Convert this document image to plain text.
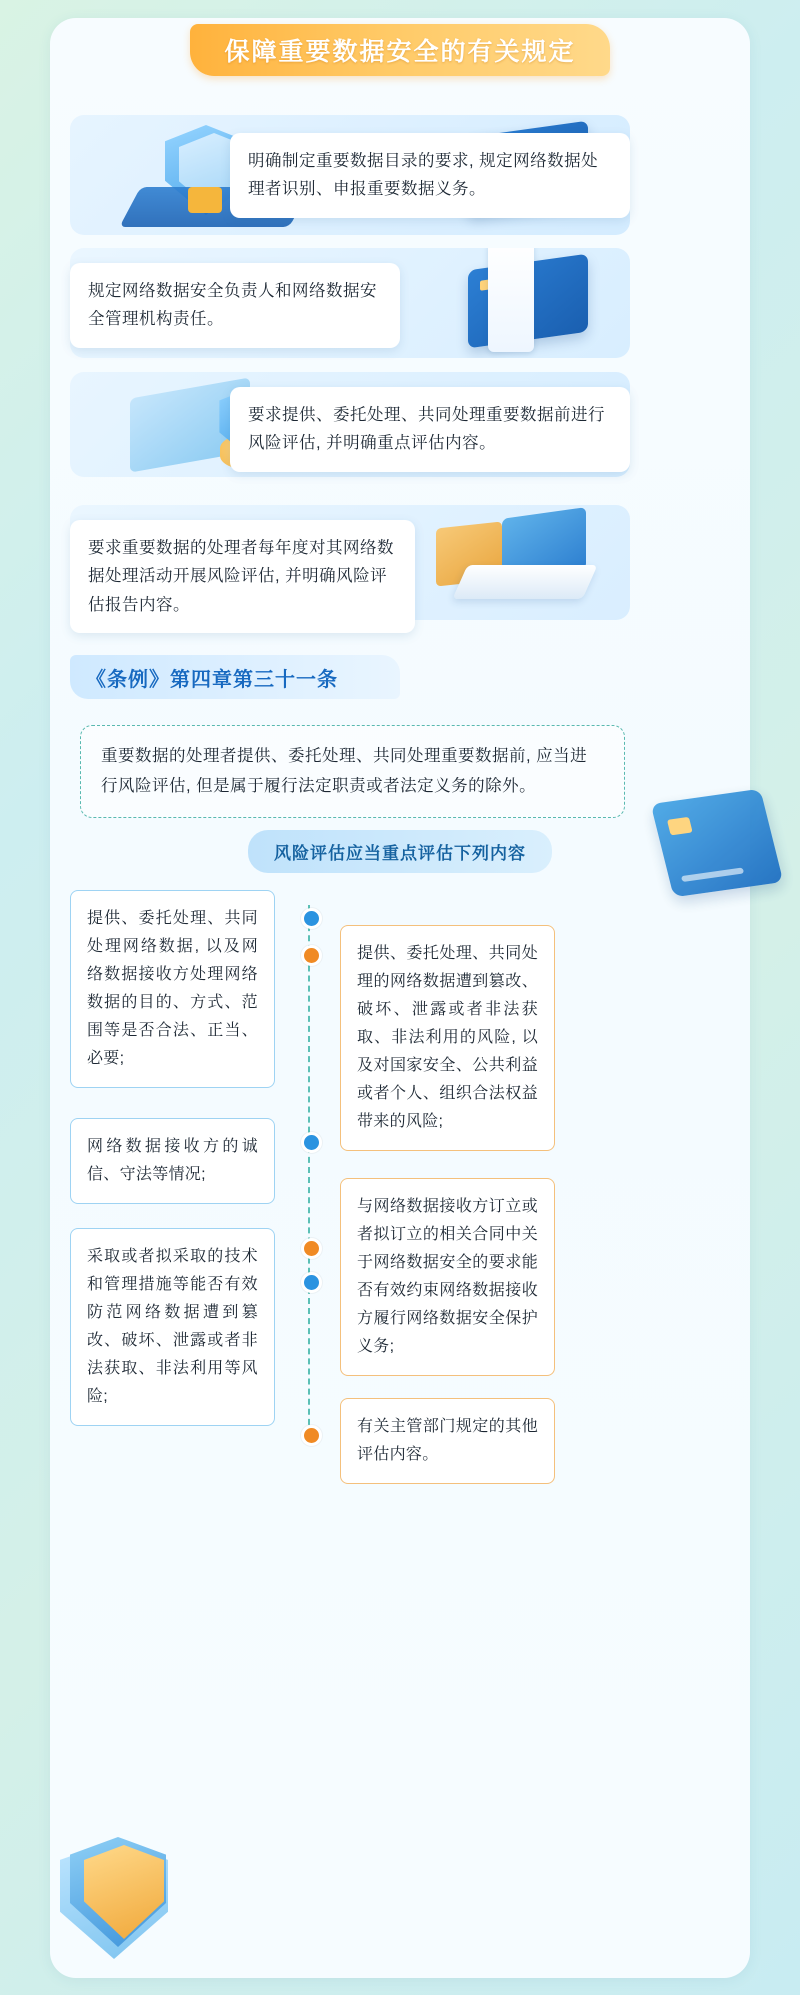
保障重要数据安全的有关规定
明确制定重要数据目录的要求, 规定网络数据处理者识别、申报重要数据义务。
规定网络数据安全负责人和网络数据安全管理机构责任。
要求提供、委托处理、共同处理重要数据前进行风险评估, 并明确重点评估内容。
要求重要数据的处理者每年度对其网络数据处理活动开展风险评估, 并明确风险评估报告内容。
《条例》第四章第三十一条
重要数据的处理者提供、委托处理、共同处理重要数据前, 应当进行风险评估, 但是属于履行法定职责或者法定义务的除外。
风险评估应当重点评估下列内容
提供、委托处理、共同处理网络数据, 以及网络数据接收方处理网络数据的目的、方式、范围等是否合法、正当、必要;
网络数据接收方的诚信、守法等情况;
采取或者拟采取的技术和管理措施等能否有效防范网络数据遭到篡改、破坏、泄露或者非法获取、非法利用等风险;
提供、委托处理、共同处理的网络数据遭到篡改、破坏、泄露或者非法获取、非法利用的风险, 以及对国家安全、公共利益或者个人、组织合法权益带来的风险;
与网络数据接收方订立或者拟订立的相关合同中关于网络数据安全的要求能否有效约束网络数据接收方履行网络数据安全保护义务;
有关主管部门规定的其他评估内容。
